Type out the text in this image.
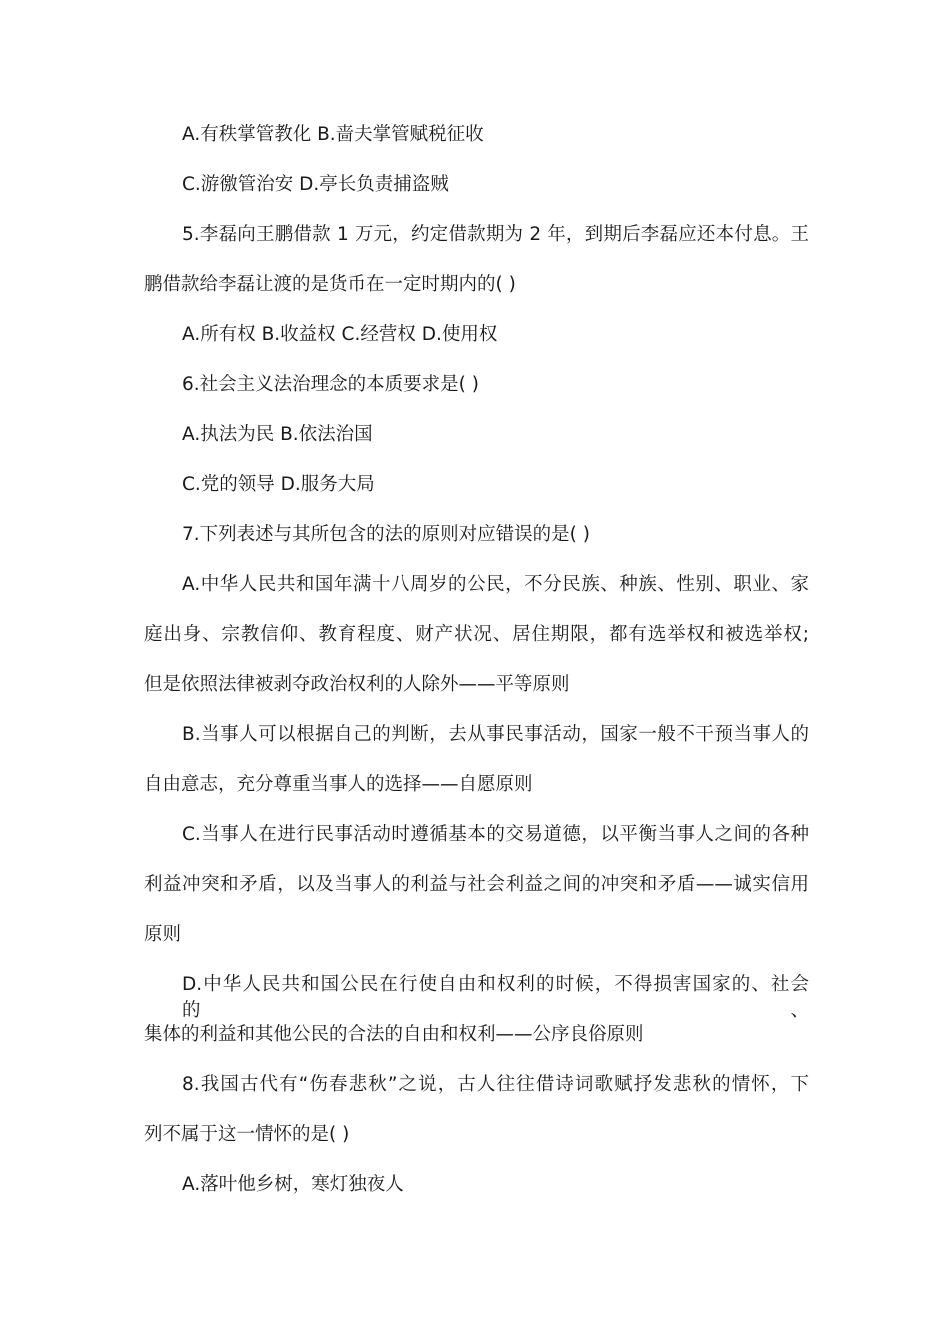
A.有秩掌管教化 B.啬夫掌管赋税征收
C.游徼管治安 D.亭长负责捕盗贼
5.李磊向王鹏借款 1 万元，约定借款期为 2 年，到期后李磊应还本付息。王
鹏借款给李磊让渡的是货币在一定时期内的( )
A.所有权 B.收益权 C.经营权 D.使用权
6.社会主义法治理念的本质要求是( )
A.执法为民 B.依法治国
C.党的领导 D.服务大局
7.下列表述与其所包含的法的原则对应错误的是( )
A.中华人民共和国年满十八周岁的公民，不分民族、种族、性别、职业、家
庭出身、宗教信仰、教育程度、财产状况、居住期限，都有选举权和被选举权;
但是依照法律被剥夺政治权利的人除外——平等原则
B.当事人可以根据自己的判断，去从事民事活动，国家一般不干预当事人的
自由意志，充分尊重当事人的选择——自愿原则
C.当事人在进行民事活动时遵循基本的交易道德，以平衡当事人之间的各种
利益冲突和矛盾，以及当事人的利益与社会利益之间的冲突和矛盾——诚实信用
原则
D.中华人民共和国公民在行使自由和权利的时候，不得损害国家的、社会的、
集体的利益和其他公民的合法的自由和权利——公序良俗原则
8.我国古代有“伤春悲秋”之说，古人往往借诗词歌赋抒发悲秋的情怀，下
列不属于这一情怀的是( )
A.落叶他乡树，寒灯独夜人
